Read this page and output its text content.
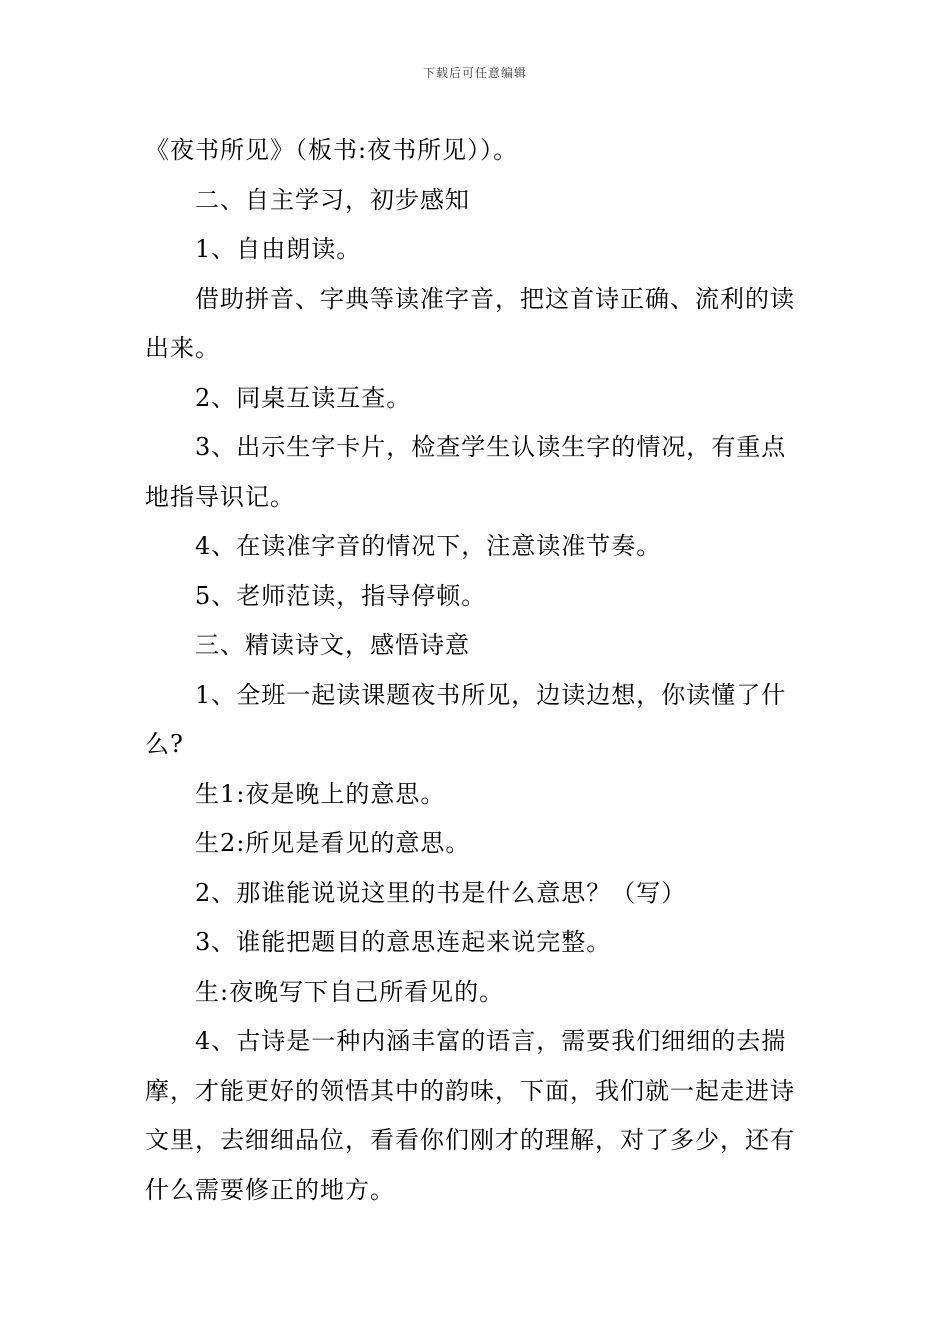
下载后可任意编辑

《夜书所见》（板书:夜书所见））。

二、自主学习，初步感知

1、自由朗读。

借助拼音、字典等读准字音，把这首诗正确、流利的读出来。

2、同桌互读互查。

3、出示生字卡片，检查学生认读生字的情况，有重点地指导识记。

4、在读准字音的情况下，注意读准节奏。

5、老师范读，指导停顿。

三、精读诗文，感悟诗意

1、全班一起读课题夜书所见，边读边想，你读懂了什么?

生1:夜是晚上的意思。

生2:所见是看见的意思。

2、那谁能说说这里的书是什么意思？（写）

3、谁能把题目的意思连起来说完整。

生:夜晚写下自己所看见的。

4、古诗是一种内涵丰富的语言，需要我们细细的去揣摩，才能更好的领悟其中的韵味，下面，我们就一起走进诗文里，去细细品位，看看你们刚才的理解，对了多少，还有什么需要修正的地方。
